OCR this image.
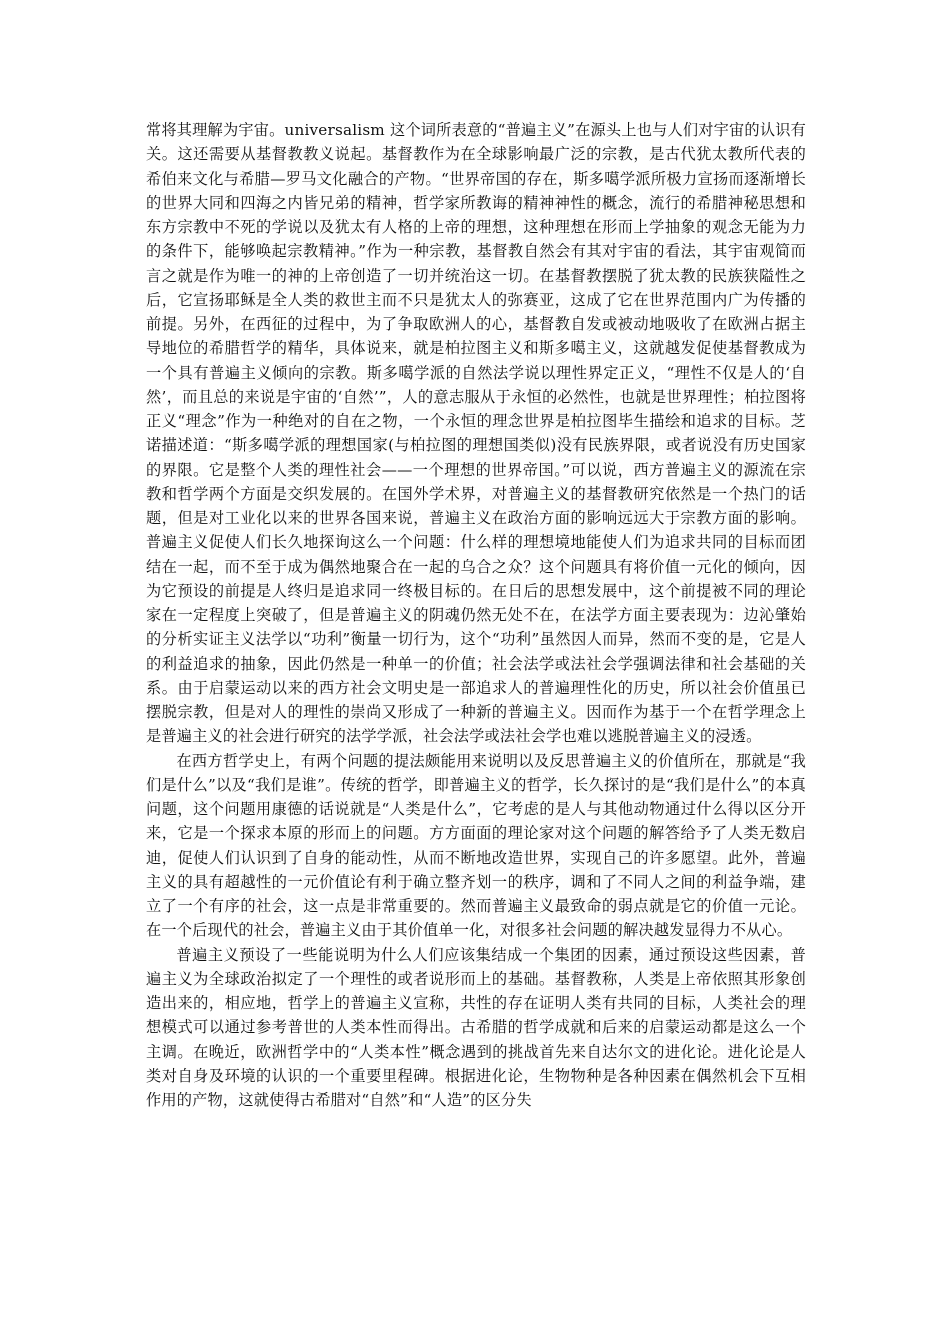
常将其理解为宇宙。universalism 这个词所表意的“普遍主义”在源头上也与人们对宇宙的认识有关。这还需要从基督教教义说起。基督教作为在全球影响最广泛的宗教，是古代犹太教所代表的希伯来文化与希腊—罗马文化融合的产物。“世界帝国的存在，斯多噶学派所极力宣扬而逐渐增长的世界大同和四海之内皆兄弟的精神，哲学家所教诲的精神神性的概念，流行的希腊神秘思想和东方宗教中不死的学说以及犹太有人格的上帝的理想，这种理想在形而上学抽象的观念无能为力的条件下，能够唤起宗教精神。”作为一种宗教，基督教自然会有其对宇宙的看法，其宇宙观简而言之就是作为唯一的神的上帝创造了一切并统治这一切。在基督教摆脱了犹太教的民族狭隘性之后，它宣扬耶稣是全人类的救世主而不只是犹太人的弥赛亚，这成了它在世界范围内广为传播的前提。另外，在西征的过程中，为了争取欧洲人的心，基督教自发或被动地吸收了在欧洲占据主导地位的希腊哲学的精华，具体说来，就是柏拉图主义和斯多噶主义，这就越发促使基督教成为一个具有普遍主义倾向的宗教。斯多噶学派的自然法学说以理性界定正义，“理性不仅是人的‘自然’，而且总的来说是宇宙的‘自然’”，人的意志服从于永恒的必然性，也就是世界理性；柏拉图将正义“理念”作为一种绝对的自在之物，一个永恒的理念世界是柏拉图毕生描绘和追求的目标。芝诺描述道：“斯多噶学派的理想国家(与柏拉图的理想国类似)没有民族界限，或者说没有历史国家的界限。它是整个人类的理性社会——一个理想的世界帝国。”可以说，西方普遍主义的源流在宗教和哲学两个方面是交织发展的。在国外学术界，对普遍主义的基督教研究依然是一个热门的话题，但是对工业化以来的世界各国来说，普遍主义在政治方面的影响远远大于宗教方面的影响。普遍主义促使人们长久地探询这么一个问题：什么样的理想境地能使人们为追求共同的目标而团结在一起，而不至于成为偶然地聚合在一起的乌合之众？这个问题具有将价值一元化的倾向，因为它预设的前提是人终归是追求同一终极目标的。在日后的思想发展中，这个前提被不同的理论家在一定程度上突破了，但是普遍主义的阴魂仍然无处不在，在法学方面主要表现为：边沁肇始的分析实证主义法学以“功利”衡量一切行为，这个“功利”虽然因人而异，然而不变的是，它是人的利益追求的抽象，因此仍然是一种单一的价值；社会法学或法社会学强调法律和社会基础的关系。由于启蒙运动以来的西方社会文明史是一部追求人的普遍理性化的历史，所以社会价值虽已摆脱宗教，但是对人的理性的崇尚又形成了一种新的普遍主义。因而作为基于一个在哲学理念上是普遍主义的社会进行研究的法学学派，社会法学或法社会学也难以逃脱普遍主义的浸透。

在西方哲学史上，有两个问题的提法颇能用来说明以及反思普遍主义的价值所在，那就是“我们是什么”以及“我们是谁”。传统的哲学，即普遍主义的哲学，长久探讨的是“我们是什么”的本真问题，这个问题用康德的话说就是“人类是什么”，它考虑的是人与其他动物通过什么得以区分开来，它是一个探求本原的形而上的问题。方方面面的理论家对这个问题的解答给予了人类无数启迪，促使人们认识到了自身的能动性，从而不断地改造世界，实现自己的许多愿望。此外，普遍主义的具有超越性的一元价值论有利于确立整齐划一的秩序，调和了不同人之间的利益争端，建立了一个有序的社会，这一点是非常重要的。然而普遍主义最致命的弱点就是它的价值一元论。在一个后现代的社会，普遍主义由于其价值单一化，对很多社会问题的解决越发显得力不从心。

普遍主义预设了一些能说明为什么人们应该集结成一个集团的因素，通过预设这些因素，普遍主义为全球政治拟定了一个理性的或者说形而上的基础。基督教称，人类是上帝依照其形象创造出来的，相应地，哲学上的普遍主义宣称，共性的存在证明人类有共同的目标，人类社会的理想模式可以通过参考普世的人类本性而得出。古希腊的哲学成就和后来的启蒙运动都是这么一个主调。在晚近，欧洲哲学中的“人类本性”概念遇到的挑战首先来自达尔文的进化论。进化论是人类对自身及环境的认识的一个重要里程碑。根据进化论，生物物种是各种因素在偶然机会下互相作用的产物，这就使得古希腊对“自然”和“人造”的区分失
